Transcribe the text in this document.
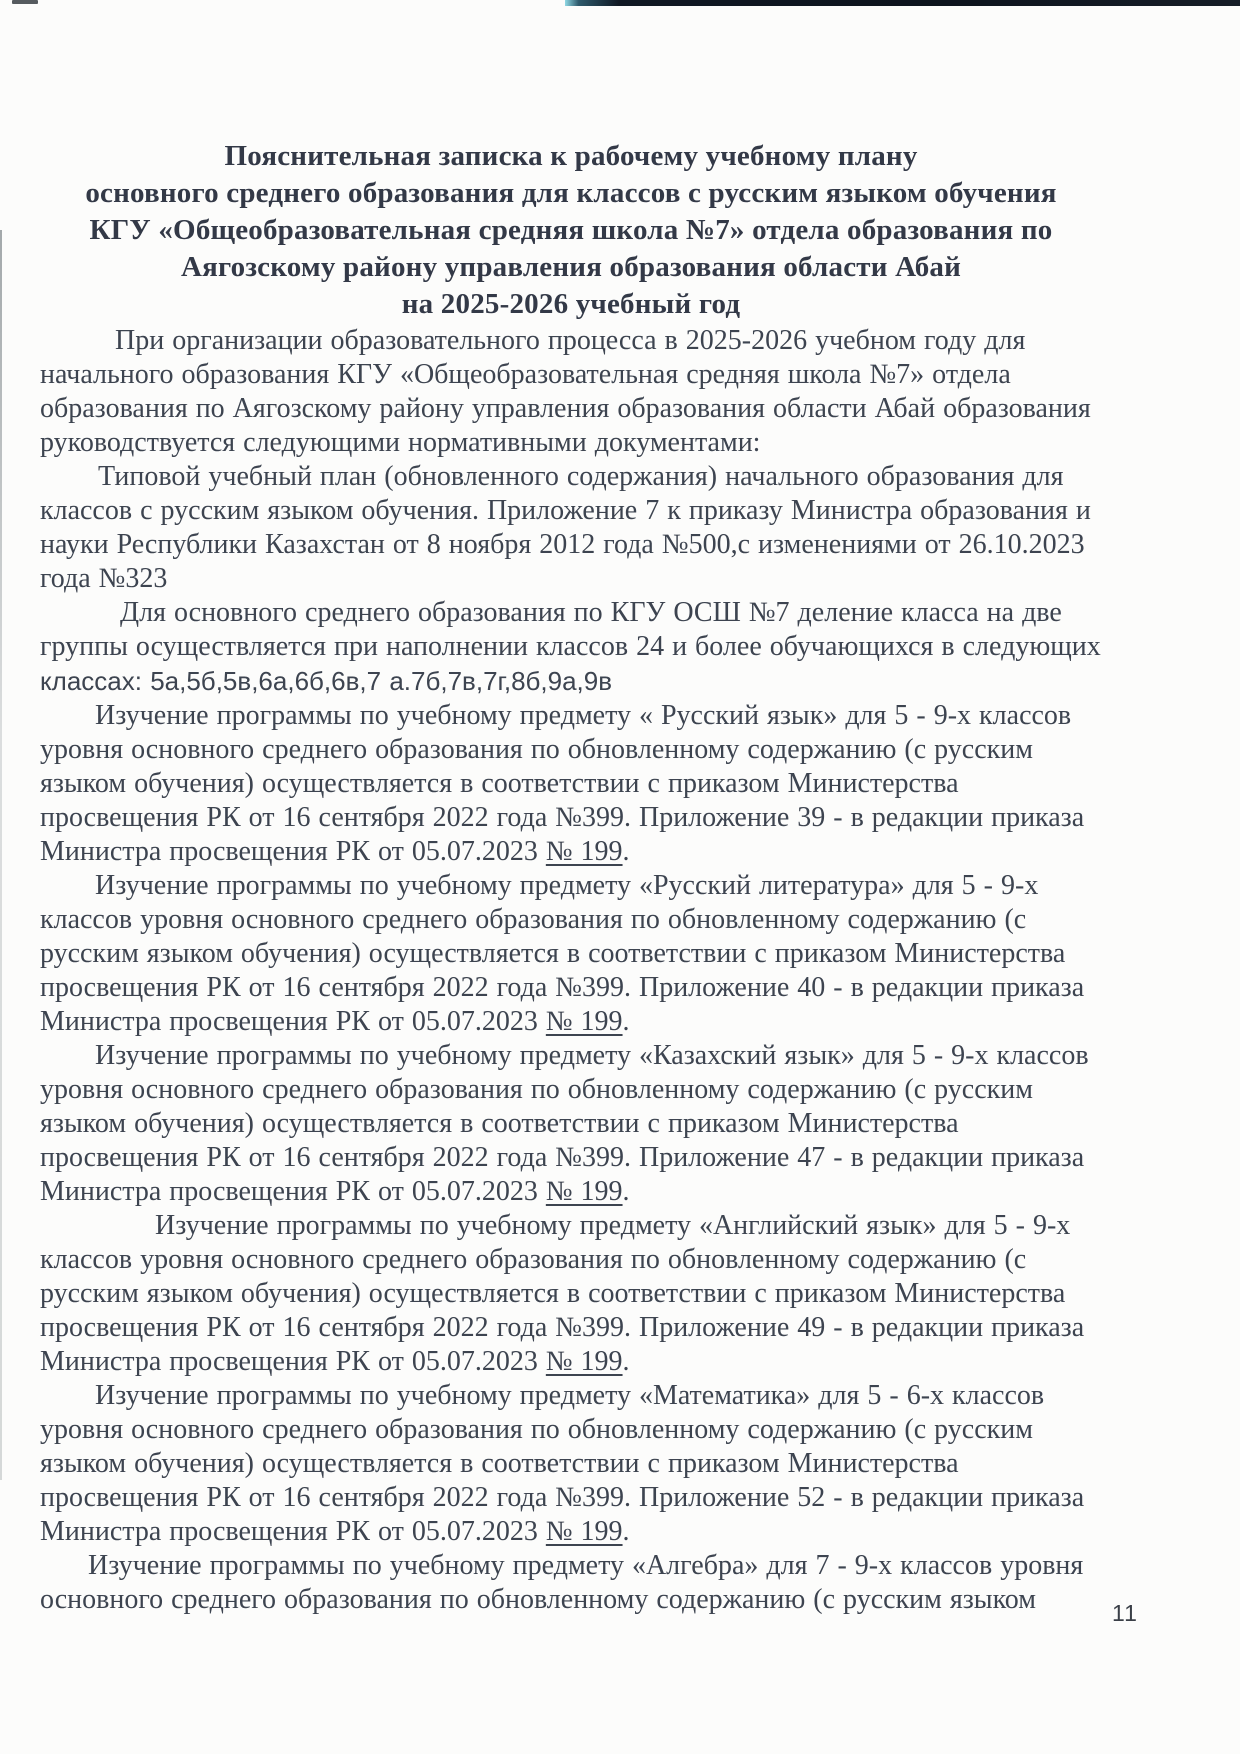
Пояснительная записка к рабочему учебному плану
основного среднего образования для классов с русским языком обучения
КГУ «Общеобразовательная средняя школа №7» отдела образования по
Аягозскому району управления образования области Абай
на 2025-2026 учебный год

При организации образовательного процесса в 2025-2026 учебном году для начального образования КГУ «Общеобразовательная средняя школа №7» отдела образования по Аягозскому району управления образования области Абай образования руководствуется следующими нормативными документами:

Типовой учебный план (обновленного содержания) начального образования для классов с русским языком обучения. Приложение 7 к приказу Министра образования и науки Республики Казахстан от 8 ноября 2012 года №500,с изменениями от 26.10.2023 года №323

Для основного среднего образования по КГУ ОСШ №7 деление класса на две группы осуществляется при наполнении классов 24 и более обучающихся в следующих классах: 5а,5б,5в,6а,6б,6в,7 а.7б,7в,7г,8б,9а,9в

Изучение программы по учебному предмету « Русский язык» для 5 - 9-х классов уровня основного среднего образования по обновленному содержанию (с русским языком обучения) осуществляется в соответствии с приказом Министерства просвещения РК от 16 сентября 2022 года №399. Приложение 39 - в редакции приказа Министра просвещения РК от 05.07.2023 № 199.

Изучение программы по учебному предмету «Русский литература» для 5 - 9-х классов уровня основного среднего образования по обновленному содержанию (с русским языком обучения) осуществляется в соответствии с приказом Министерства просвещения РК от 16 сентября 2022 года №399. Приложение 40 - в редакции приказа Министра просвещения РК от 05.07.2023 № 199.

Изучение программы по учебному предмету «Казахский язык» для 5 - 9-х классов уровня основного среднего образования по обновленному содержанию (с русским языком обучения) осуществляется в соответствии с приказом Министерства просвещения РК от 16 сентября 2022 года №399. Приложение 47 - в редакции приказа Министра просвещения РК от 05.07.2023 № 199.

Изучение программы по учебному предмету «Английский язык» для 5 - 9-х классов уровня основного среднего образования по обновленному содержанию (с русским языком обучения) осуществляется в соответствии с приказом Министерства просвещения РК от 16 сентября 2022 года №399. Приложение 49 - в редакции приказа Министра просвещения РК от 05.07.2023 № 199.

Изучение программы по учебному предмету «Математика» для 5 - 6-х классов уровня основного среднего образования по обновленному содержанию (с русским языком обучения) осуществляется в соответствии с приказом Министерства просвещения РК от 16 сентября 2022 года №399. Приложение 52 - в редакции приказа Министра просвещения РК от 05.07.2023 № 199.

Изучение программы по учебному предмету «Алгебра» для 7 - 9-х классов уровня основного среднего образования по обновленному содержанию (с русским языком	11
